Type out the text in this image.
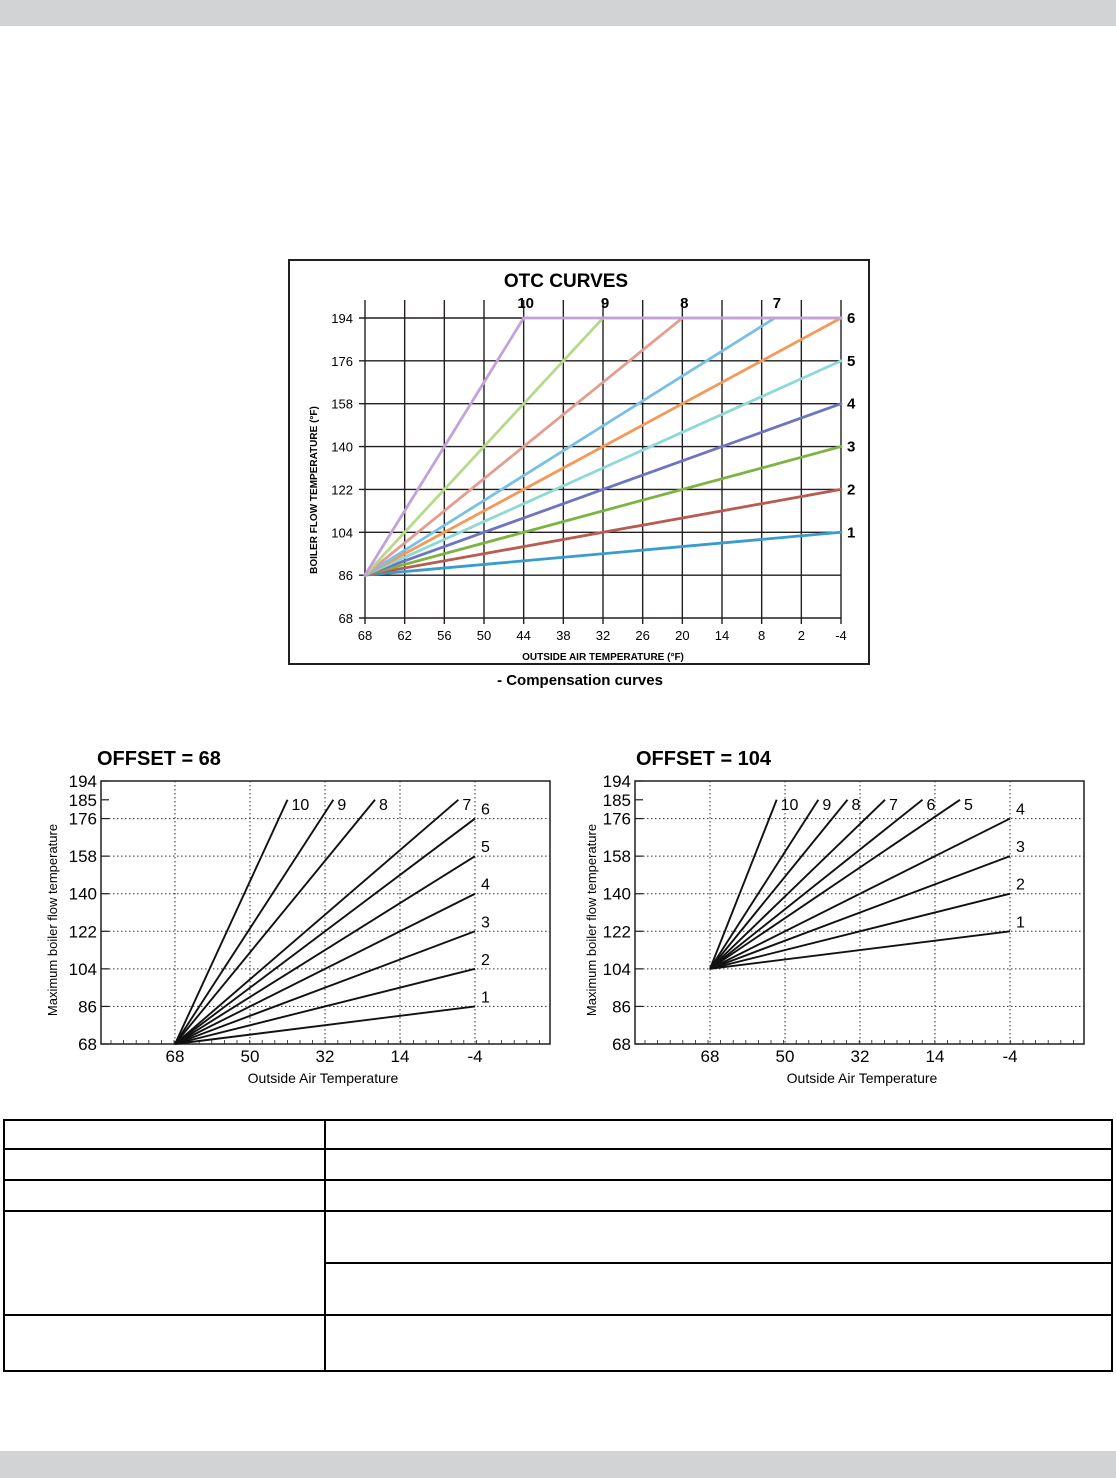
OTC CURVES
OUTSIDE AIR TEMPERATURE (°F)
BOILER FLOW TEMPERATURE (°F)
68 62 56 50 44 38 32 26 20 14 8 2 -4
194
176
158
140
122
104
86
68
1
2
3
4
5
6
7
8
9
10
OFFSET = 68
Outside Air Temperature
Maximum boiler flow temperature
194
185
176
158
140
122
104
86
68
68	50	32	14	-4
1
2
3
4
5
6
7
8
9
10
OFFSET = 104
Outside Air Temperature
Maximum boiler flow temperature
194
185
176
158
140
122
104
86
68
68	50	32	14	-4
1
2
3
4
5
6
7
8
9
10
- Compensation curves
